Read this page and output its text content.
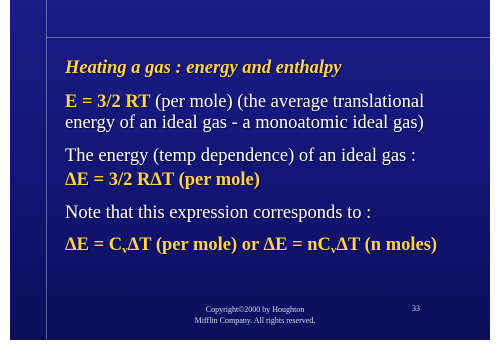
Heating a gas : energy and enthalpy
E = 3/2 RT (per mole) (the average translational
energy of an ideal gas - a monoatomic ideal gas)
The energy (temp dependence) of an ideal gas :
ΔE = 3/2 RΔT (per mole)
Note that this expression corresponds to :
$\Delta E = C_v\Delta T$ (per mole) or $\Delta E = nC_v\Delta T$ (n moles)
Copyright©2000 by Houghton
Mifflin Company. All rights reserved.
33
